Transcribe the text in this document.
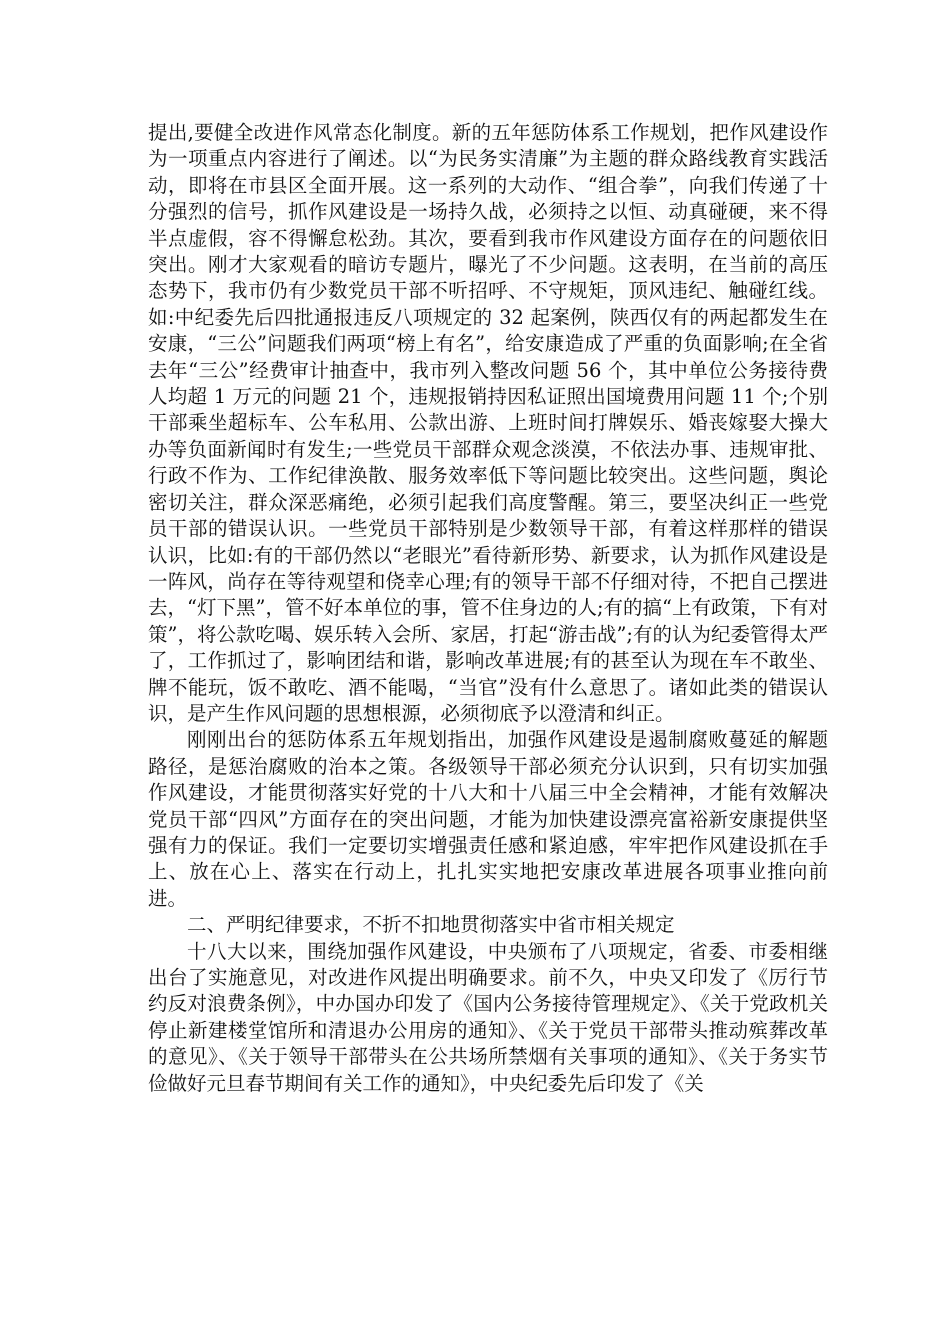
提出,要健全改进作风常态化制度。新的五年惩防体系工作规划，把作风建设作为一项重点内容进行了阐述。以“为民务实清廉”为主题的群众路线教育实践活动，即将在市县区全面开展。这一系列的大动作、“组合拳”，向我们传递了十分强烈的信号，抓作风建设是一场持久战，必须持之以恒、动真碰硬，来不得半点虚假，容不得懈怠松劲。其次，要看到我市作风建设方面存在的问题依旧突出。刚才大家观看的暗访专题片，曝光了不少问题。这表明，在当前的高压态势下，我市仍有少数党员干部不听招呼、不守规矩，顶风违纪、触碰红线。如:中纪委先后四批通报违反八项规定的 32 起案例，陕西仅有的两起都发生在安康，“三公”问题我们两项“榜上有名”，给安康造成了严重的负面影响;在全省去年“三公”经费审计抽查中，我市列入整改问题 56 个，其中单位公务接待费人均超 1 万元的问题 21 个，违规报销持因私证照出国境费用问题 11 个;个别干部乘坐超标车、公车私用、公款出游、上班时间打牌娱乐、婚丧嫁娶大操大办等负面新闻时有发生;一些党员干部群众观念淡漠，不依法办事、违规审批、行政不作为、工作纪律涣散、服务效率低下等问题比较突出。这些问题，舆论密切关注，群众深恶痛绝，必须引起我们高度警醒。第三，要坚决纠正一些党员干部的错误认识。一些党员干部特别是少数领导干部，有着这样那样的错误认识，比如:有的干部仍然以“老眼光”看待新形势、新要求，认为抓作风建设是一阵风，尚存在等待观望和侥幸心理;有的领导干部不仔细对待，不把自己摆进去，“灯下黑”，管不好本单位的事，管不住身边的人;有的搞“上有政策，下有对策”，将公款吃喝、娱乐转入会所、家居，打起“游击战”;有的认为纪委管得太严了，工作抓过了，影响团结和谐，影响改革进展;有的甚至认为现在车不敢坐、牌不能玩，饭不敢吃、酒不能喝，“当官”没有什么意思了。诸如此类的错误认识，是产生作风问题的思想根源，必须彻底予以澄清和纠正。

刚刚出台的惩防体系五年规划指出，加强作风建设是遏制腐败蔓延的解题路径，是惩治腐败的治本之策。各级领导干部必须充分认识到，只有切实加强作风建设，才能贯彻落实好党的十八大和十八届三中全会精神，才能有效解决党员干部“四风”方面存在的突出问题，才能为加快建设漂亮富裕新安康提供坚强有力的保证。我们一定要切实增强责任感和紧迫感，牢牢把作风建设抓在手上、放在心上、落实在行动上，扎扎实实地把安康改革进展各项事业推向前进。

二、严明纪律要求，不折不扣地贯彻落实中省市相关规定

十八大以来，围绕加强作风建设，中央颁布了八项规定，省委、市委相继出台了实施意见，对改进作风提出明确要求。前不久，中央又印发了《厉行节约反对浪费条例》，中办国办印发了《国内公务接待管理规定》、《关于党政机关停止新建楼堂馆所和清退办公用房的通知》、《关于党员干部带头推动殡葬改革的意见》、《关于领导干部带头在公共场所禁烟有关事项的通知》、《关于务实节俭做好元旦春节期间有关工作的通知》，中央纪委先后印发了《关
